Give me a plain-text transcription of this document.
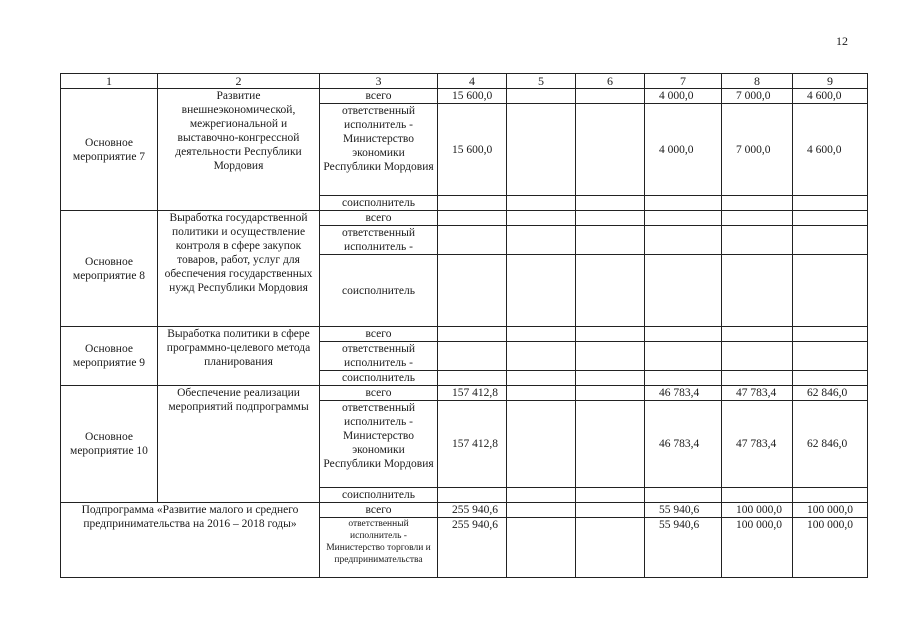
12
1	2	3	4	5	6	7	8	9
Основное мероприятие 7	Развитие внешнеэкономической, межрегиональной и выставочно-конгрессной деятельности Республики Мордовия	всего	15 600,0			4 000,0	7 000,0	4 600,0
		ответственный исполнитель - Министерство экономики Республики Мордовия	15 600,0			4 000,0	7 000,0	4 600,0
		соисполнитель						
Основное мероприятие 8	Выработка государственной политики и осуществление контроля в сфере закупок товаров, работ, услуг для обеспечения государственных нужд Республики Мордовия	всего						
		ответственный исполнитель -						
		соисполнитель						
Основное мероприятие 9	Выработка политики в сфере программно-целевого метода планирования	всего						
		ответственный исполнитель -						
		соисполнитель						
Основное мероприятие 10	Обеспечение реализации мероприятий подпрограммы	всего	157 412,8			46 783,4	47 783,4	62 846,0
		ответственный исполнитель - Министерство экономики Республики Мордовия	157 412,8			46 783,4	47 783,4	62 846,0
		соисполнитель						
Подпрограмма «Развитие малого и среднего предпринимательства на 2016 – 2018 годы»		всего	255 940,6			55 940,6	100 000,0	100 000,0
		ответственный исполнитель - Министерство торговли и предпринимательства	255 940,6			55 940,6	100 000,0	100 000,0
